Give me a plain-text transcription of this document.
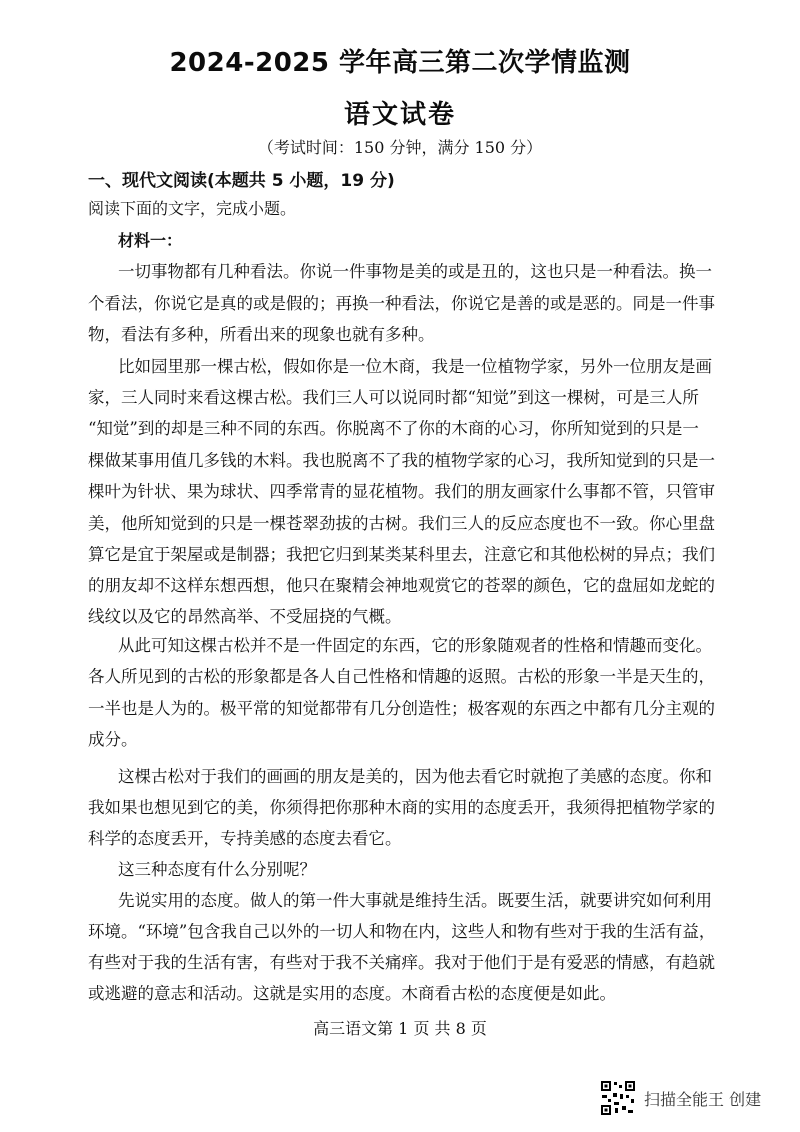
2024-2025 学年高三第二次学情监测
语文试卷
（考试时间：150 分钟，满分 150 分）
一、现代文阅读(本题共 5 小题，19 分)
阅读下面的文字，完成小题。
材料一：
一切事物都有几种看法。你说一件事物是美的或是丑的，这也只是一种看法。换一
个看法，你说它是真的或是假的；再换一种看法，你说它是善的或是恶的。同是一件事
物，看法有多种，所看出来的现象也就有多种。
比如园里那一棵古松，假如你是一位木商，我是一位植物学家，另外一位朋友是画
家，三人同时来看这棵古松。我们三人可以说同时都“知觉”到这一棵树，可是三人所
“知觉”到的却是三种不同的东西。你脱离不了你的木商的心习，你所知觉到的只是一
棵做某事用值几多钱的木料。我也脱离不了我的植物学家的心习，我所知觉到的只是一
棵叶为针状、果为球状、四季常青的显花植物。我们的朋友画家什么事都不管，只管审
美，他所知觉到的只是一棵苍翠劲拔的古树。我们三人的反应态度也不一致。你心里盘
算它是宜于架屋或是制器；我把它归到某类某科里去，注意它和其他松树的异点；我们
的朋友却不这样东想西想，他只在聚精会神地观赏它的苍翠的颜色，它的盘屈如龙蛇的
线纹以及它的昂然高举、不受屈挠的气概。
从此可知这棵古松并不是一件固定的东西，它的形象随观者的性格和情趣而变化。
各人所见到的古松的形象都是各人自己性格和情趣的返照。古松的形象一半是天生的，
一半也是人为的。极平常的知觉都带有几分创造性；极客观的东西之中都有几分主观的
成分。
这棵古松对于我们的画画的朋友是美的，因为他去看它时就抱了美感的态度。你和
我如果也想见到它的美，你须得把你那种木商的实用的态度丢开，我须得把植物学家的
科学的态度丢开，专持美感的态度去看它。
这三种态度有什么分别呢？
先说实用的态度。做人的第一件大事就是维持生活。既要生活，就要讲究如何利用
环境。“环境”包含我自己以外的一切人和物在内，这些人和物有些对于我的生活有益，
有些对于我的生活有害，有些对于我不关痛痒。我对于他们于是有爱恶的情感，有趋就
或逃避的意志和活动。这就是实用的态度。木商看古松的态度便是如此。
高三语文第 1 页 共 8 页
扫描全能王 创建
